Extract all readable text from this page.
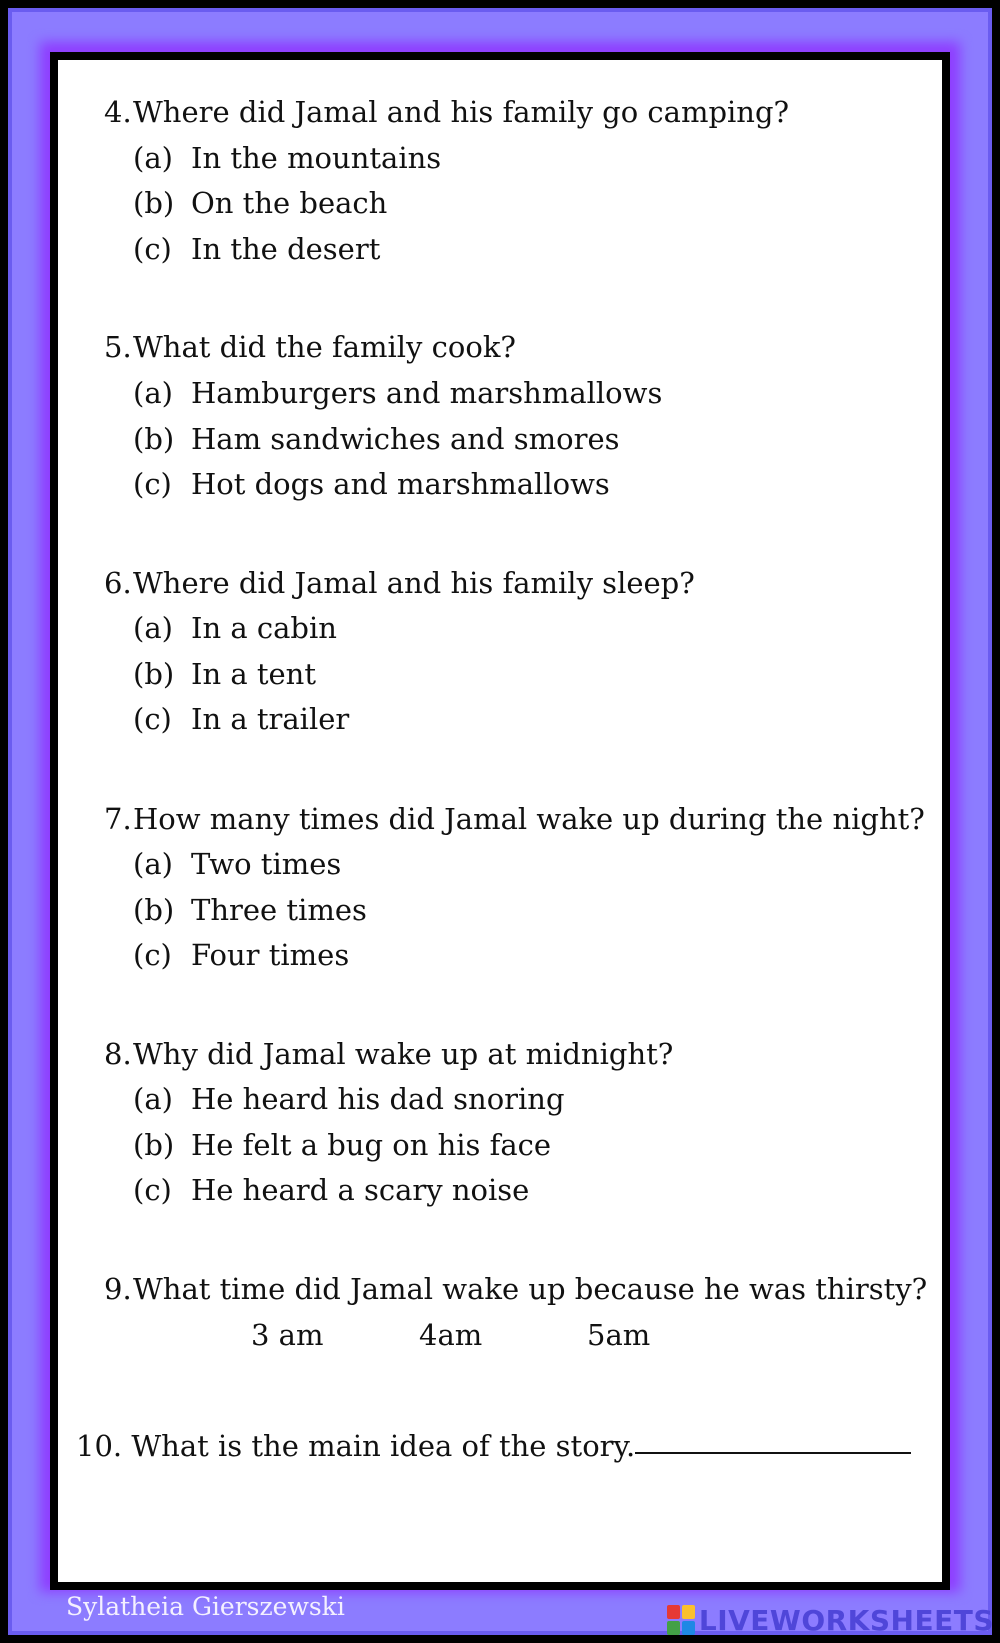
4.Where did Jamal and his family go camping?
(a) In the mountains
(b) On the beach
(c) In the desert
5.What did the family cook?
(a) Hamburgers and marshmallows
(b) Ham sandwiches and smores
(c) Hot dogs and marshmallows
6.Where did Jamal and his family sleep?
(a) In a cabin
(b) In a tent
(c) In a trailer
7.How many times did Jamal wake up during the night?
(a) Two times
(b) Three times
(c) Four times
8.Why did Jamal wake up at midnight?
(a) He heard his dad snoring
(b) He felt a bug on his face
(c) He heard a scary noise
9.What time did Jamal wake up because he was thirsty?
3 am	4am	5am
10. What is the main idea of the story.
Sylatheia Gierszewski	LIVEWORKSHEETS
